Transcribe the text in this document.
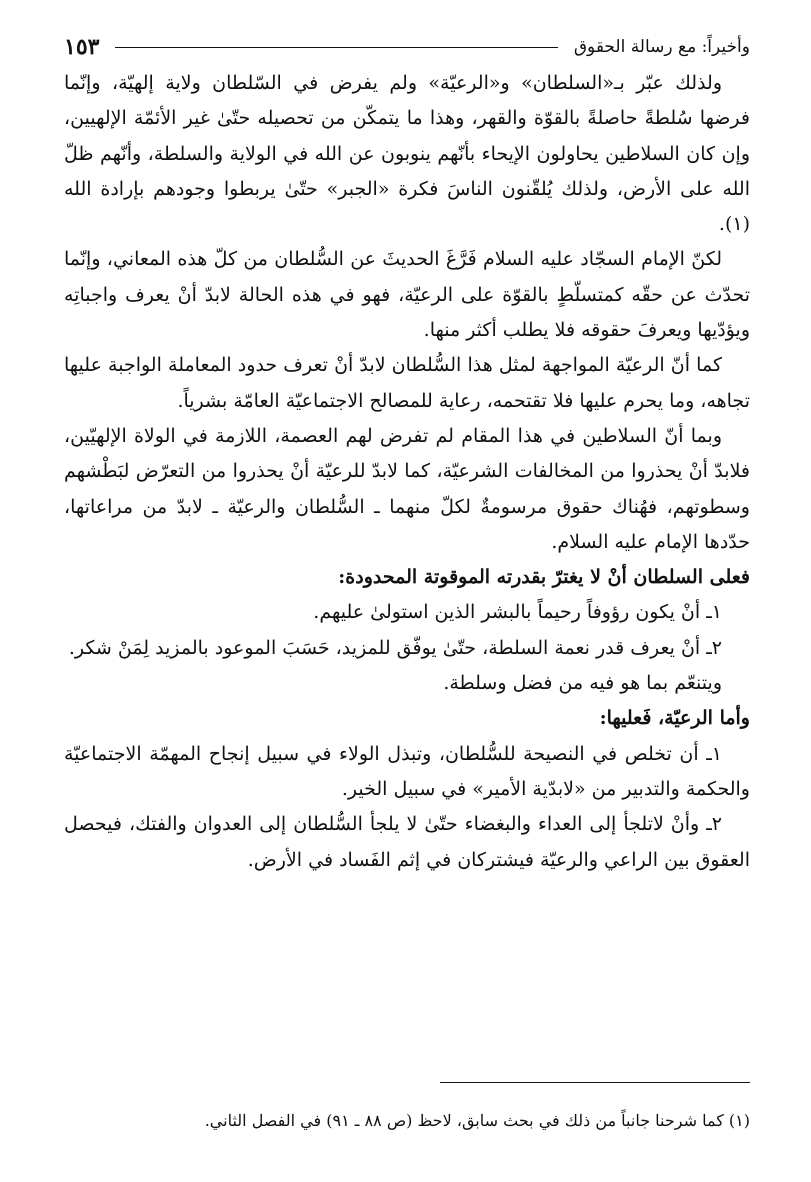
وأخيراً: مع رسالة الحقوق
١٥٣

ولذلك عبّر بـ«السلطان» و«الرعيّة» ولم يفرض في السّلطان ولاية إلهيّة، وإنّما فرضها سُلطةً حاصلةً بالقوّة والقهر، وهذا ما يتمكّن من تحصيله حتّىٰ غير الأئمّة الإلهيين، وإن كان السلاطين يحاولون الإيحاء بأنّهم ينوبون عن الله في الولاية والسلطة، وأنّهم ظلّ الله على الأرض، ولذلك يُلقّنون الناسَ فكرة «الجبر» حتّىٰ يربطوا وجودهم بإرادة الله (١).

لكنّ الإمام السجّاد عليه السلام فَرَّغَ الحديثَ عن السُّلطان من كلّ هذه المعاني، وإنّما تحدّث عن حقّه كمتسلّطٍ بالقوّة على الرعيّة، فهو في هذه الحالة لابدّ أنْ يعرف واجباتِه ويؤدّيها ويعرفَ حقوقه فلا يطلب أكثر منها.

كما أنّ الرعيّة المواجهة لمثل هذا السُّلطان لابدّ أنْ تعرف حدود المعاملة الواجبة عليها تجاهه، وما يحرم عليها فلا تقتحمه، رعاية للمصالح الاجتماعيّة العامّة بشرياً.

وبما أنّ السلاطين في هذا المقام لم تفرض لهم العصمة، اللازمة في الولاة الإلهيّين، فلابدّ أنْ يحذروا من المخالفات الشرعيّة، كما لابدّ للرعيّة أنْ يحذروا من التعرّض لبَطْشهم وسطوتهم، فهُناك حقوق مرسومةٌ لكلّ منهما ـ السُّلطان والرعيّة ـ لابدّ من مراعاتها، حدّدها الإمام عليه السلام.

فعلى السلطان أنْ لا يغترّ بقدرته الموقوتة المحدودة:

١ـ أنْ يكون رؤوفاً رحيماً بالبشر الذين استولىٰ عليهم.

٢ـ أنْ يعرف قدر نعمة السلطة، حتّىٰ يوفّق للمزيد، حَسَبَ الموعود بالمزيد لِمَنْ شكر.

ويتنعّم بما هو فيه من فضل وسلطة.

وأما الرعيّة، فَعليها:

١ـ أن تخلص في النصيحة للسُّلطان، وتبذل الولاء في سبيل إنجاح المهمّة الاجتماعيّة والحكمة والتدبير من «لابدّية الأمير» في سبيل الخير.

٢ـ وأنْ لاتلجأ إلى العداء والبغضاء حتّىٰ لا يلجأ السُّلطان إلى العدوان والفتك، فيحصل العقوق بين الراعي والرعيّة فيشتركان في إثم الفَساد في الأرض.

(١) كما شرحنا جانباً من ذلك في بحث سابق، لاحظ (ص ٨٨ ـ ٩١) في الفصل الثاني.
